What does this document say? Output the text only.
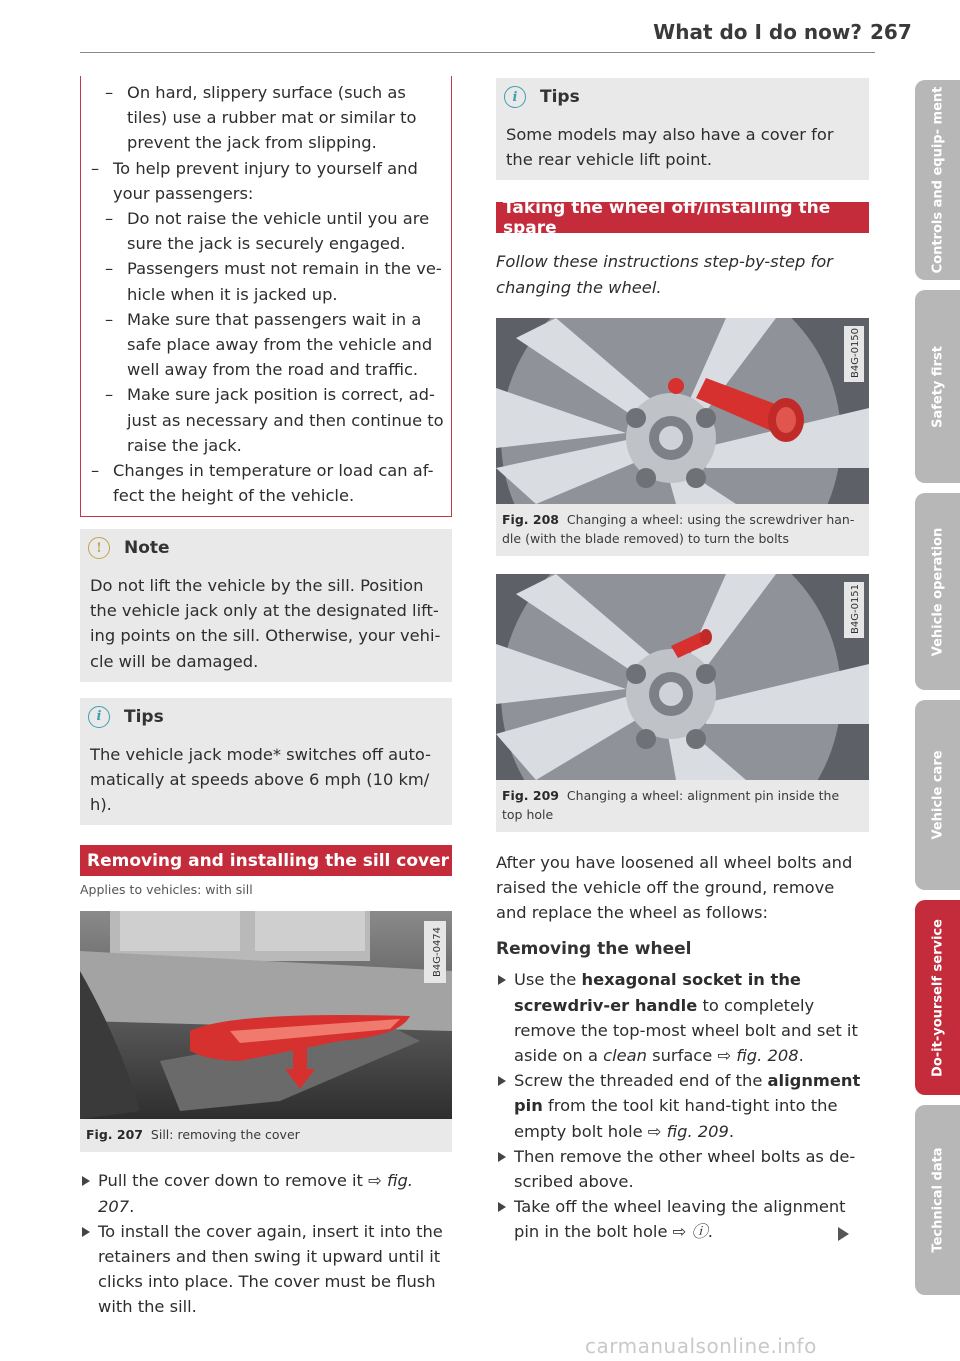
What do I do now? 267
– On hard, slippery surface (such as tiles) use a rubber mat or similar to prevent the jack from slipping.
– To help prevent injury to yourself and your passengers:
– Do not raise the vehicle until you are sure the jack is securely engaged.
– Passengers must not remain in the ve-hicle when it is jacked up.
– Make sure that passengers wait in a safe place away from the vehicle and well away from the road and traffic.
– Make sure jack position is correct, ad-just as necessary and then continue to raise the jack.
– Changes in temperature or load can af-fect the height of the vehicle.
!	Note
Do not lift the vehicle by the sill. Position the vehicle jack only at the designated lift-ing points on the sill. Otherwise, your vehi-cle will be damaged.
i	Tips
The vehicle jack mode* switches off auto-matically at speeds above 6 mph (10 km/ h).
Removing and installing the sill cover
Applies to vehicles: with sill
B4G-0474
Fig. 207 Sill: removing the cover
Pull the cover down to remove it ⇨ fig. 207.
To install the cover again, insert it into the retainers and then swing it upward until it clicks into place. The cover must be flush with the sill.
i	Tips
Some models may also have a cover for the rear vehicle lift point.
Taking the wheel off/installing the spare
Follow these instructions step-by-step for changing the wheel.
B4G-0150
Fig. 208 Changing a wheel: using the screwdriver han-dle (with the blade removed) to turn the bolts
B4G-0151
Fig. 209 Changing a wheel: alignment pin inside the top hole
After you have loosened all wheel bolts and raised the vehicle off the ground, remove and replace the wheel as follows:
Removing the wheel
Use the hexagonal socket in the screwdriv-er handle to completely remove the top-most wheel bolt and set it aside on a clean surface ⇨ fig. 208.
Screw the threaded end of the alignment pin from the tool kit hand-tight into the empty bolt hole ⇨ fig. 209.
Then remove the other wheel bolts as de-scribed above.
Take off the wheel leaving the alignment pin in the bolt hole ⇨ ⓘ.
Controls and equip- ment
Safety first
Vehicle operation
Vehicle care
Do-it-yourself service
Technical data
carmanualsonline.info
